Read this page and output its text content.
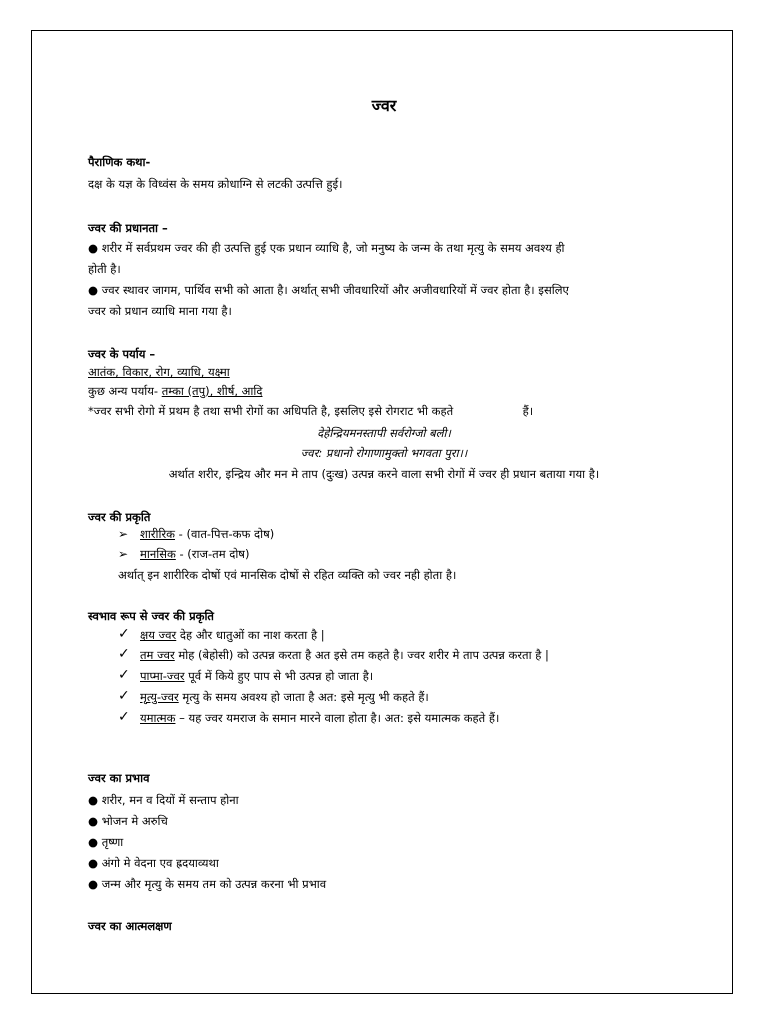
ज्वर
पैराणिक कथा-
दक्ष के यज्ञ के विध्वंस के समय क्रोधाग्नि से लटकी उत्पत्ति हुई।
ज्वर की प्रधानता –
● शरीर में सर्वप्रथम ज्वर की ही उत्पत्ति हुई एक प्रधान व्याधि है, जो मनुष्य के जन्म के तथा मृत्यु के समय अवश्य ही
होती है।
● ज्वर स्थावर जागम, पार्थिव सभी को आता है। अर्थात् सभी जीवधारियों और अजीवधारियों में ज्वर होता है। इसलिए
ज्वर को प्रधान व्याधि माना गया है।
ज्वर के पर्याय –
आतंक, विकार, रोग, व्याधि, यक्ष्मा
कुछ अन्य पर्याय- तम्का (तपु), शीर्ष, आदि
*ज्वर सभी रोगो में प्रथम है तथा सभी रोगों का अधिपति है, इसलिए इसे रोगराट भी कहते                   हैं।
देहेन्द्रियमनस्तापी सर्वरोग्जो बली।
ज्वर: प्रधानो रोगाणामुक्तो भगवता पुरा।।
अर्थात शरीर, इन्द्रिय और मन मे ताप (दुःख) उत्पन्न करने वाला सभी रोगों में ज्वर ही प्रधान बताया गया है।
ज्वर की प्रकृति
➢ शारीरिक - (वात-पित्त-कफ दोष)
➢ मानसिक - (राज-तम दोष)
अर्थात् इन शारीरिक दोषों एवं मानसिक दोषों से रहित व्यक्ति को ज्वर नही होता है।
स्वभाव रूप से ज्वर की प्रकृति
✓ क्षय ज्वर देह और धातुओं का नाश करता है |
✓ तम ज्वर मोह (बेहोसी) को उत्पन्न करता है अत इसे तम कहते है। ज्वर शरीर मे ताप उत्पन्न करता है |
✓ पाप्मा-ज्वर पूर्व में किये हुए पाप से भी उत्पन्न हो जाता है।
✓ मृत्यु-ज्वर मृत्यु के समय अवश्य हो जाता है अत: इसे मृत्यु भी कहते हैं।
✓ यमात्मक – यह ज्वर यमराज के समान मारने वाला होता है। अत: इसे यमात्मक कहते हैं।
ज्वर का प्रभाव
● शरीर, मन व दियों में सन्ताप होना
● भोजन मे अरुचि
● तृष्णा
● अंगो मे वेदना एव ह्रदयाव्यथा
● जन्म और मृत्यु के समय तम को उत्पन्न करना भी प्रभाव
ज्वर का आत्मलक्षण
